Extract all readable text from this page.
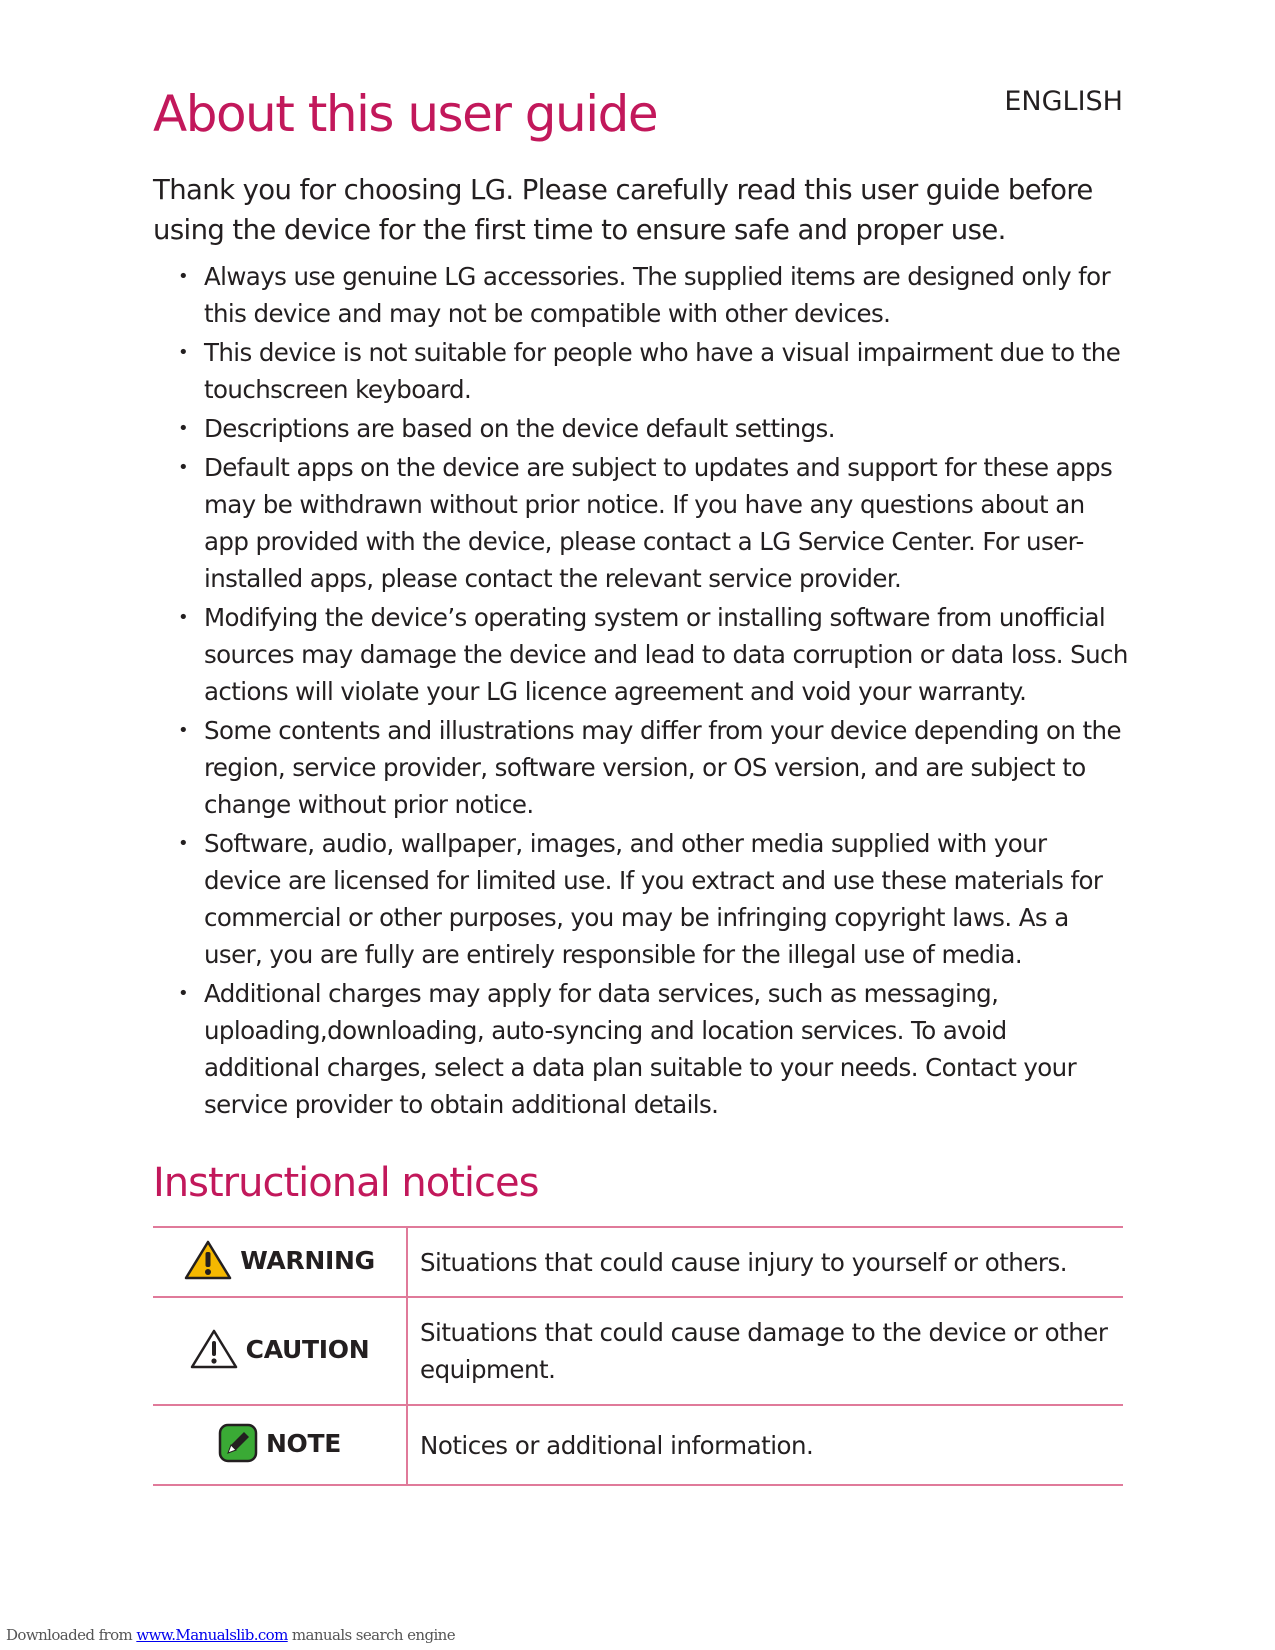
About this user guide	ENGLISH

Thank you for choosing LG. Please carefully read this user guide before using the device for the first time to ensure safe and proper use.

• Always use genuine LG accessories. The supplied items are designed only for this device and may not be compatible with other devices.
• This device is not suitable for people who have a visual impairment due to the touchscreen keyboard.
• Descriptions are based on the device default settings.
• Default apps on the device are subject to updates and support for these apps may be withdrawn without prior notice. If you have any questions about an app provided with the device, please contact a LG Service Center. For user-installed apps, please contact the relevant service provider.
• Modifying the device’s operating system or installing software from unofficial sources may damage the device and lead to data corruption or data loss. Such actions will violate your LG licence agreement and void your warranty.
• Some contents and illustrations may differ from your device depending on the region, service provider, software version, or OS version, and are subject to change without prior notice.
• Software, audio, wallpaper, images, and other media supplied with your device are licensed for limited use. If you extract and use these materials for commercial or other purposes, you may be infringing copyright laws. As a user, you are fully are entirely responsible for the illegal use of media.
• Additional charges may apply for data services, such as messaging, uploading,downloading, auto-syncing and location services. To avoid additional charges, select a data plan suitable to your needs. Contact your service provider to obtain additional details.
Instructional notices
WARNING	Situations that could cause injury to yourself or others.

CAUTION	Situations that could cause damage to the device or other equipment.

NOTE	Notices or additional information.
Downloaded from www.Manualslib.com manuals search engine
